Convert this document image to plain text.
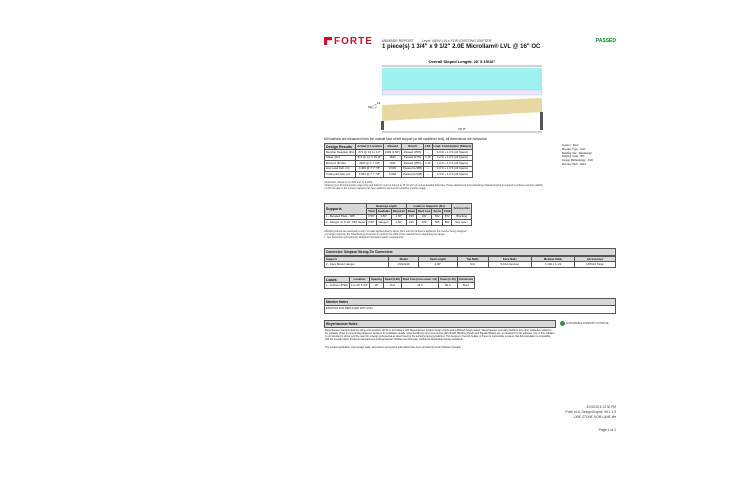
FORTE	MEMBER REPORT Level, NEW LVLs FOR EXISTING RAFTER
1 piece(s) 1 3/4" x 9 1/2" 2.0E Microllam® LVL @ 16" OC
PASSED
Overall Sloped Length: 20' 5 15/16"
12
10
20' 0"
All locations are measured from the outside face of left support (or left cantilever end). All dimensions are horizontal.
Design Results	Actual @ Location	Allowed	Result	LDF	Load: Combination (Pattern)
Member Reaction (lbs)	671 @ 14' 11 1/4"	1909 (1.50")	Passed (35%)	--	1.0 D + 1.0 S (All Spans)
Shear (lbs)	619 @ 14' 3 15/16"	3633	Passed (17%)	1.15	1.0 D + 1.0 S (All Spans)
Moment (Ft-lbs)	2497 @ 7' 7 7/8"	7041	Passed (35%)	1.15	1.0 D + 1.0 S (All Spans)
Live Load Defl. (in)	0.469 @ 7' 7 7/8"	0.633	Passed (L/485)	--	1.0 D + 1.0 S (All Spans)
Total Load Defl. (in)	0.653 @ 7' 7 7/8"	0.948	Passed (L/348)	--	1.0 D + 1.0 S (All Spans)
System : Roof
Member Type : Joist
Building Use : Residential
Building Code : IBC
Design Methodology : ASD
Member Pitch: 10/12
• Deflection criteria: LL (L/360) and TL (L/240).
• Bracing (Lu): All compression edges (top and bottom) must be braced at 15' 10 1/2" o/c unless detailed otherwise. Proper attachment and positioning of lateral bracing is required to achieve member stability.
• A 4% increase in the moment capacity has been added to account for repetitive member usage.
Supports	Bearing Length			Loads to Supports (lbs)				Accessories
	Total	Available	Required	Dead	Roof Live	Snow	Total	
1 - Beveled Plate - SPF	3.50"	3.50"	1.50"	199	182	532	872	Blocking
2 - Hanger on 9 1/2" SPF beam	3.50"	Hanger¹	1.50"	193	182	505	862	See note ¹
• Blocking Panels are assumed to carry no loads applied directly above them and the full load is applied to the member being designed.
• At hanger supports, the Total Bearing dimension is equal to the width of the material that is supporting the hanger
• ¹ See Connector grid below for additional information and/or requirements.
Connector: Simpson Strong-Tie Connectors
Support	Model	Seat Length	Top Nails	Face Nails	Member Nails	Accessories
2 - Face Mount Hanger	LSSU210	2.00"	N/A	9-10d common	7-10d x 1-1/2	LSTA21 Strap
Loads	Location	Spacing	Dead (0.90)	Roof Live (non-snow: 1.0)	Snow (1.15)	Comments
1 - Uniform (PSF)	0 to 20' 5 3/4"	16"	15.0	16.0	50.0	Roof
Member Notes
EXISTING 2x6s REPLACED WITH LVLs
Weyerhaeuser Notes
Weyerhaeuser warrants that the sizing of its products will be in accordance with Weyerhaeuser product design criteria and published design values. Weyerhaeuser expressly disclaims any other warranties related to the software. Refer to current Weyerhaeuser literature for installation details. (www.woodbywy.com) Accessories (Rim Board, Blocking Panels and Squash Blocks) are not designed by this software. Use of this software is not intended to circumvent the need for a design professional as determined by the authority having jurisdiction. The designer of record, builder or framer is responsible to assure that this calculation is compatible with the overall project. Products manufactured at Weyerhaeuser facilities are third-party certified to sustainable forestry standards.
The product application, input design loads, dimensions and support information have been provided by Forte Software Operator
SUSTAINABLE FORESTRY INITIATIVE
3/2/2015 4:12:30 PM
Forte v4.6, Design Engine: V6.1.1.5
ONE STONE ROW LANE.4te
Page 1 of 1
